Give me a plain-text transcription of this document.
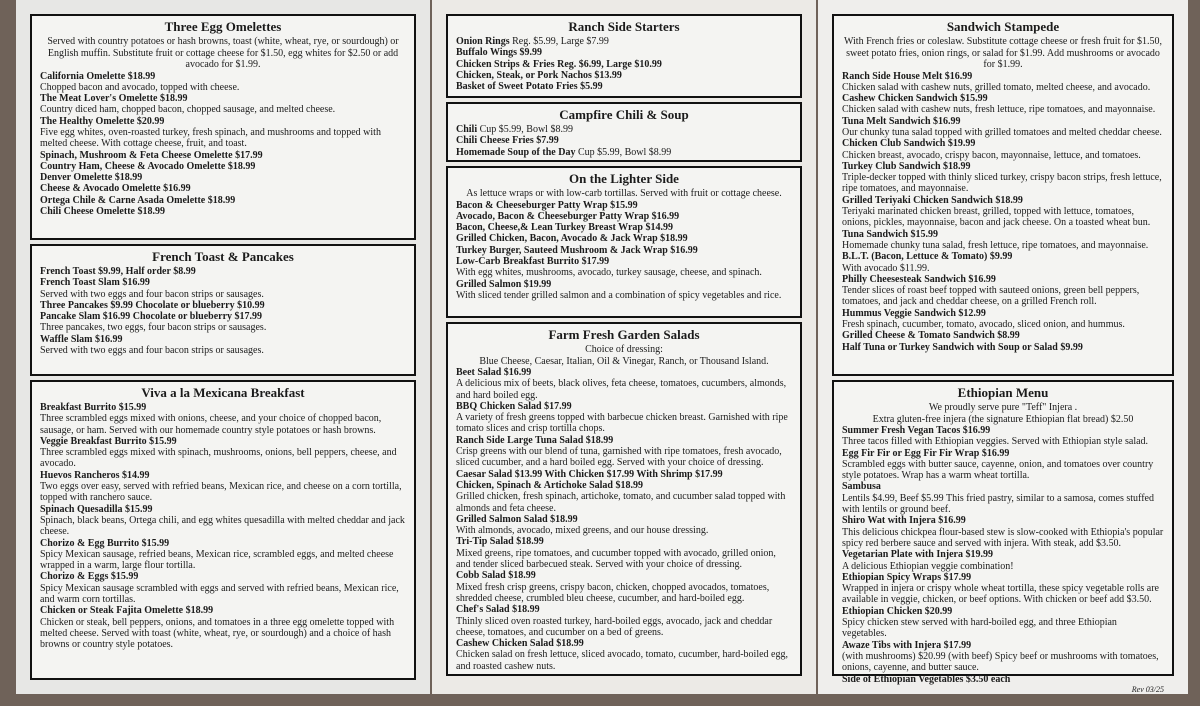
Three Egg Omelettes
Served with country potatoes or hash browns, toast (white, wheat, rye, or sourdough) or English muffin. Substitute fruit or cottage cheese for $1.50, egg whites for $2.50 or add avocado for $1.99.
California Omelette $18.99
Chopped bacon and avocado, topped with cheese.
The Meat Lover's Omelette $18.99
Country diced ham, chopped bacon, chopped sausage, and melted cheese.
The Healthy Omelette $20.99
Five egg whites, oven-roasted turkey, fresh spinach, and mushrooms and topped with melted cheese. With cottage cheese, fruit, and toast.
Spinach, Mushroom & Feta Cheese Omelette $17.99
Country Ham, Cheese & Avocado Omelette $18.99
Denver Omelette $18.99
Cheese & Avocado Omelette $16.99
Ortega Chile & Carne Asada Omelette $18.99
Chili Cheese Omelette $18.99
French Toast & Pancakes
French Toast $9.99, Half order $8.99
French Toast Slam $16.99
Served with two eggs and four bacon strips or sausages.
Three Pancakes $9.99 Chocolate or blueberry $10.99
Pancake Slam $16.99 Chocolate or blueberry $17.99
Three pancakes, two eggs, four bacon strips or sausages.
Waffle Slam $16.99
Served with two eggs and four bacon strips or sausages.
Viva a la Mexicana Breakfast
Breakfast Burrito $15.99
Three scrambled eggs mixed with onions, cheese, and your choice of chopped bacon, sausage, or ham. Served with our homemade country style potatoes or hash browns.
Veggie Breakfast Burrito $15.99
Three scrambled eggs mixed with spinach, mushrooms, onions, bell peppers, cheese, and avocado.
Huevos Rancheros $14.99
Two eggs over easy, served with refried beans, Mexican rice, and cheese on a corn tortilla, topped with ranchero sauce.
Spinach Quesadilla $15.99
Spinach, black beans, Ortega chili, and egg whites quesadilla with melted cheddar and jack cheese.
Chorizo & Egg Burrito $15.99
Spicy Mexican sausage, refried beans, Mexican rice, scrambled eggs, and melted cheese wrapped in a warm, large flour tortilla.
Chorizo & Eggs $15.99
Spicy Mexican sausage scrambled with eggs and served with refried beans, Mexican rice, and warm corn tortillas.
Chicken or Steak Fajita Omelette $18.99
Chicken or steak, bell peppers, onions, and tomatoes in a three egg omelette topped with melted cheese. Served with toast (white, wheat, rye, or sourdough) and a choice of hash browns or country style potatoes.
Ranch Side Starters
Onion Rings Reg. $5.99, Large $7.99
Buffalo Wings $9.99
Chicken Strips & Fries Reg. $6.99, Large $10.99
Chicken, Steak, or Pork Nachos $13.99
Basket of Sweet Potato Fries $5.99
Campfire Chili & Soup
Chili Cup $5.99, Bowl $8.99
Chili Cheese Fries $7.99
Homemade Soup of the Day Cup $5.99, Bowl $8.99
On the Lighter Side
As lettuce wraps or with low-carb tortillas. Served with fruit or cottage cheese.
Bacon & Cheeseburger Patty Wrap $15.99
Avocado, Bacon & Cheeseburger Patty Wrap $16.99
Bacon, Cheese,& Lean Turkey Breast Wrap $14.99
Grilled Chicken, Bacon, Avocado & Jack Wrap $18.99
Turkey Burger, Sauteed Mushroom & Jack Wrap $16.99
Low-Carb Breakfast Burrito $17.99
With egg whites, mushrooms, avocado, turkey sausage, cheese, and spinach.
Grilled Salmon $19.99
With sliced tender grilled salmon and a combination of spicy vegetables and rice.
Farm Fresh Garden Salads
Choice of dressing:
Blue Cheese, Caesar, Italian, Oil & Vinegar, Ranch, or Thousand Island.
Beet Salad $16.99
A delicious mix of beets, black olives, feta cheese, tomatoes, cucumbers, almonds, and hard boiled egg.
BBQ Chicken Salad $17.99
A variety of fresh greens topped with barbecue chicken breast. Garnished with ripe tomato slices and crisp tortilla chops.
Ranch Side Large Tuna Salad $18.99
Crisp greens with our blend of tuna, garnished with ripe tomatoes, fresh avocado, sliced cucumber, and a hard boiled egg. Served with your choice of dressing.
Caesar Salad $13.99 With Chicken $17.99 With Shrimp $17.99
Chicken, Spinach & Artichoke Salad $18.99
Grilled chicken, fresh spinach, artichoke, tomato, and cucumber salad topped with almonds and feta cheese.
Grilled Salmon Salad $18.99
With almonds, avocado, mixed greens, and our house dressing.
Tri-Tip Salad $18.99
Mixed greens, ripe tomatoes, and cucumber topped with avocado, grilled onion, and tender sliced barbecued steak. Served with your choice of dressing.
Cobb Salad $18.99
Mixed fresh crisp greens, crispy bacon, chicken, chopped avocados, tomatoes, shredded cheese, crumbled bleu cheese, cucumber, and hard-boiled egg.
Chef's Salad $18.99
Thinly sliced oven roasted turkey, hard-boiled eggs, avocado, jack and cheddar cheese, tomatoes, and cucumber on a bed of greens.
Cashew Chicken Salad $18.99
Chicken salad on fresh lettuce, sliced avocado, tomato, cucumber, hard-boiled egg, and roasted cashew nuts.
Sandwich Stampede
With French fries or coleslaw. Substitute cottage cheese or fresh fruit for $1.50, sweet potato fries, onion rings, or salad for $1.99. Add mushrooms or avocado for $1.99.
Ranch Side House Melt $16.99
Chicken salad with cashew nuts, grilled tomato, melted cheese, and avocado.
Cashew Chicken Sandwich $15.99
Chicken salad with cashew nuts, fresh lettuce, ripe tomatoes, and mayonnaise.
Tuna Melt Sandwich $16.99
Our chunky tuna salad topped with grilled tomatoes and melted cheddar cheese.
Chicken Club Sandwich $19.99
Chicken breast, avocado, crispy bacon, mayonnaise, lettuce, and tomatoes.
Turkey Club Sandwich $18.99
Triple-decker topped with thinly sliced turkey, crispy bacon strips, fresh lettuce, ripe tomatoes, and mayonnaise.
Grilled Teriyaki Chicken Sandwich $18.99
Teriyaki marinated chicken breast, grilled, topped with lettuce, tomatoes, onions, pickles, mayonnaise, bacon and jack cheese. On a toasted wheat bun.
Tuna Sandwich $15.99
Homemade chunky tuna salad, fresh lettuce, ripe tomatoes, and mayonnaise.
B.L.T. (Bacon, Lettuce & Tomato) $9.99
With avocado $11.99.
Philly Cheesesteak Sandwich $16.99
Tender slices of roast beef topped with sauteed onions, green bell peppers, tomatoes, and jack and cheddar cheese, on a grilled French roll.
Hummus Veggie Sandwich $12.99
Fresh spinach, cucumber, tomato, avocado, sliced onion, and hummus.
Grilled Cheese & Tomato Sandwich $8.99
Half Tuna or Turkey Sandwich with Soup or Salad $9.99
Ethiopian Menu
We proudly serve pure "Teff" Injera .
Extra gluten-free injera (the signature Ethiopian flat bread) $2.50
Summer Fresh Vegan Tacos $16.99
Three tacos filled with Ethiopian veggies. Served with Ethiopian style salad.
Egg Fir Fir or Egg Fir Fir Wrap $16.99
Scrambled eggs with butter sauce, cayenne, onion, and tomatoes over country style potatoes. Wrap has a warm wheat tortilla.
Sambusa
Lentils $4.99, Beef $5.99 This fried pastry, similar to a samosa, comes stuffed with lentils or ground beef.
Shiro Wat with Injera $16.99
This delicious chickpea flour-based stew is slow-cooked with Ethiopia's popular spicy red berbere sauce and served with injera. With steak, add $3.50.
Vegetarian Plate with Injera $19.99
A delicious Ethiopian veggie combination!
Ethiopian Spicy Wraps $17.99
Wrapped in injera or crispy whole wheat tortilla, these spicy vegetable rolls are available in veggie, chicken, or beef options. With chicken or beef add $3.50.
Ethiopian Chicken $20.99
Spicy chicken stew served with hard-boiled egg, and three Ethiopian vegetables.
Awaze Tibs with Injera $17.99
(with mushrooms) $20.99 (with beef) Spicy beef or mushrooms with tomatoes, onions, cayenne, and butter sauce.
Side of Ethiopian Vegetables $3.50 each
Rev 03/25
